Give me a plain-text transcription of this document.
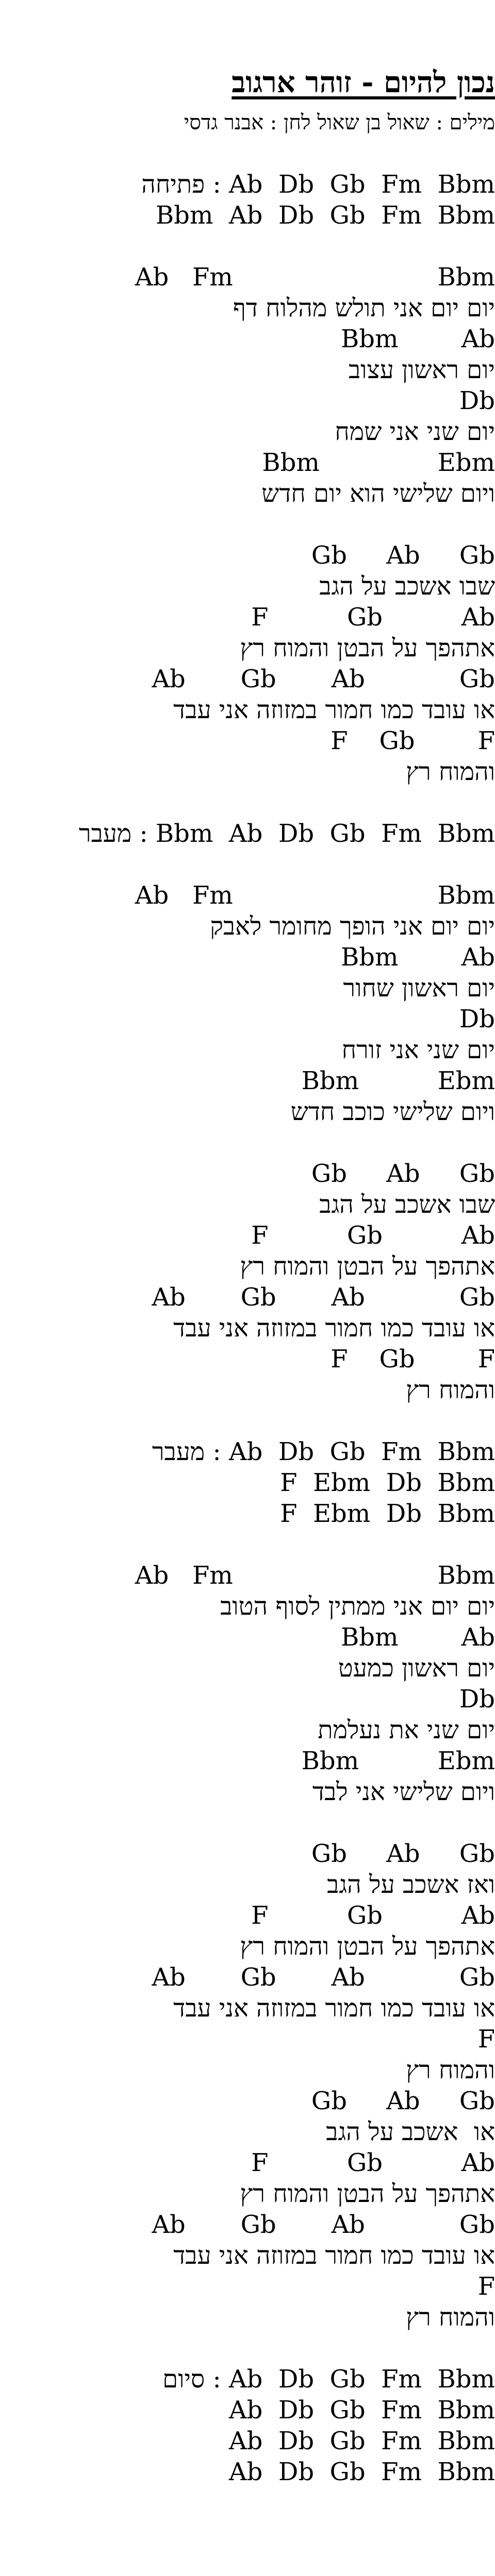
נכון להיום - זוהר ארגוב
מילים : שאול בן שאול לחן : אבנר גדסי
פתיחה : Ab  Db  Gb  Fm  Bbm
Bbm  Ab  Db  Gb  Fm  Bbm
Ab   Fm                          Bbm
יום יום אני תולש מהלוח דף
Bbm        Ab
יום ראשון עצוב
Db
יום שני אני שמח
Bbm               Ebm
ויום שלישי הוא יום חדש
Gb     Ab     Gb
שבו אשכב על הגב
F          Gb          Ab
אתהפך על הבטן והמוח רץ
Ab       Gb       Ab            Gb
או עובד כמו חמור במזוזה אני עבד
F    Gb        F
והמוח רץ
מעבר : Bbm  Ab  Db  Gb  Fm  Bbm
Ab   Fm                          Bbm
יום יום אני הופך מחומר לאבק
Bbm        Ab
יום ראשון שחור
Db
יום שני אני זורח
Bbm          Ebm
ויום שלישי כוכב חדש
Gb     Ab     Gb
שבו אשכב על הגב
F          Gb          Ab
אתהפך על הבטן והמוח רץ
Ab       Gb       Ab            Gb
או עובד כמו חמור במזוזה אני עבד
F    Gb        F
והמוח רץ
מעבר : Ab  Db  Gb  Fm  Bbm
F  Ebm  Db  Bbm
F  Ebm  Db  Bbm
Ab   Fm                          Bbm
יום יום אני ממתין לסוף הטוב
Bbm        Ab
יום ראשון כמעט
Db
יום שני את נעלמת
Bbm          Ebm
ויום שלישי אני לבד
Gb     Ab     Gb
ואז אשכב על הגב
F          Gb          Ab
אתהפך על הבטן והמוח רץ
Ab       Gb       Ab            Gb
או עובד כמו חמור במזוזה אני עבד
F
והמוח רץ
Gb     Ab     Gb
או  אשכב על הגב
F          Gb          Ab
אתהפך על הבטן והמוח רץ
Ab       Gb       Ab            Gb
או עובד כמו חמור במזוזה אני עבד
F
והמוח רץ
סיום : Ab  Db  Gb  Fm  Bbm
Ab  Db  Gb  Fm  Bbm
Ab  Db  Gb  Fm  Bbm
Ab  Db  Gb  Fm  Bbm
